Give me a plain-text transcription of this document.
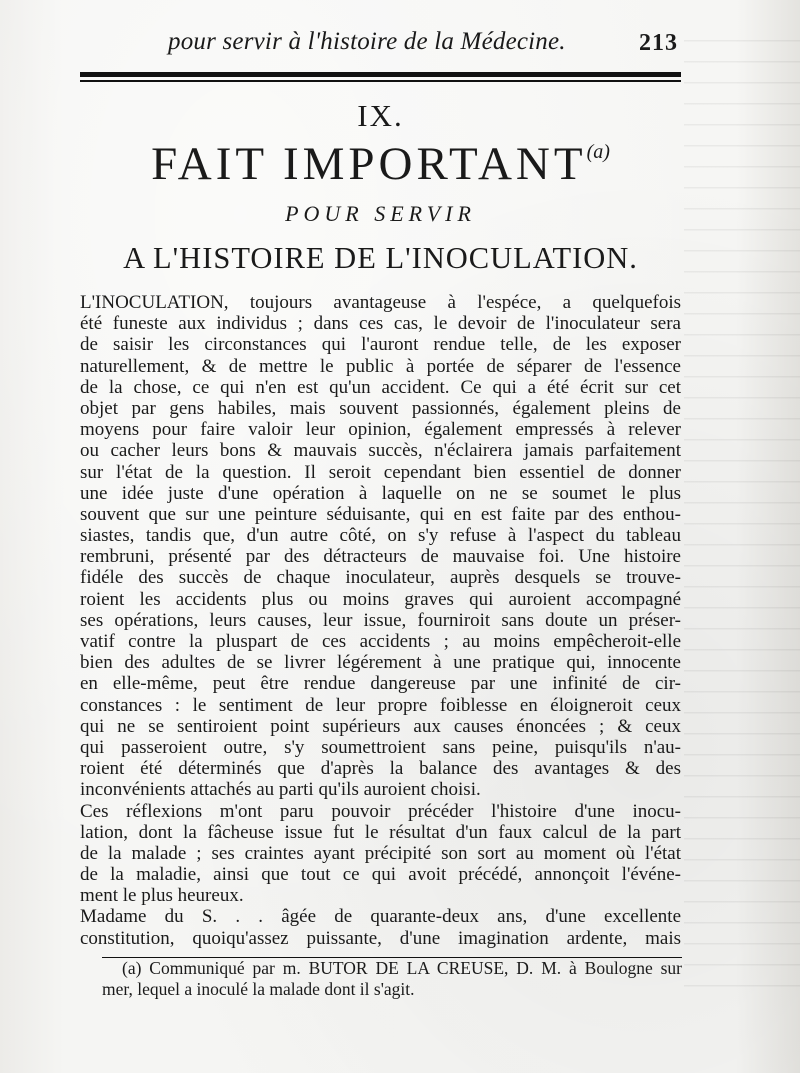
pour servir à l'histoire de la Médecine.	213
IX.
FAIT IMPORTANT$^{(a)}$
POUR SERVIR
A L'HISTOIRE DE L'INOCULATION.
L'INOCULATION, toujours avantageuse à l'espéce, a quelquefois
été funeste aux individus ; dans ces cas, le devoir de l'inoculateur sera
de saisir les circonstances qui l'auront rendue telle, de les exposer
naturellement, & de mettre le public à portée de séparer de l'essence
de la chose, ce qui n'en est qu'un accident. Ce qui a été écrit sur cet
objet par gens habiles, mais souvent passionnés, également pleins de
moyens pour faire valoir leur opinion, également empressés à relever
ou cacher leurs bons & mauvais succès, n'éclairera jamais parfaitement
sur l'état de la question. Il seroit cependant bien essentiel de donner
une idée juste d'une opération à laquelle on ne se soumet le plus
souvent que sur une peinture séduisante, qui en est faite par des enthou-
siastes, tandis que, d'un autre côté, on s'y refuse à l'aspect du tableau
rembruni, présenté par des détracteurs de mauvaise foi. Une histoire
fidéle des succès de chaque inoculateur, auprès desquels se trouve-
roient les accidents plus ou moins graves qui auroient accompagné
ses opérations, leurs causes, leur issue, fourniroit sans doute un préser-
vatif contre la pluspart de ces accidents ; au moins empêcheroit-elle
bien des adultes de se livrer légérement à une pratique qui, innocente
en elle-même, peut être rendue dangereuse par une infinité de cir-
constances : le sentiment de leur propre foiblesse en éloigneroit ceux
qui ne se sentiroient point supérieurs aux causes énoncées ; & ceux
qui passeroient outre, s'y soumettroient sans peine, puisqu'ils n'au-
roient été déterminés que d'après la balance des avantages & des
inconvénients attachés au parti qu'ils auroient choisi.
Ces réflexions m'ont paru pouvoir précéder l'histoire d'une inocu-
lation, dont la fâcheuse issue fut le résultat d'un faux calcul de la part
de la malade ; ses craintes ayant précipité son sort au moment où l'état
de la maladie, ainsi que tout ce qui avoit précédé, annonçoit l'événe-
ment le plus heureux.
Madame du S. . . âgée de quarante-deux ans, d'une excellente
constitution, quoiqu'assez puissante, d'une imagination ardente, mais
(a) Communiqué par m. BUTOR DE LA CREUSE, D. M. à Boulogne sur
mer, lequel a inoculé la malade dont il s'agit.
